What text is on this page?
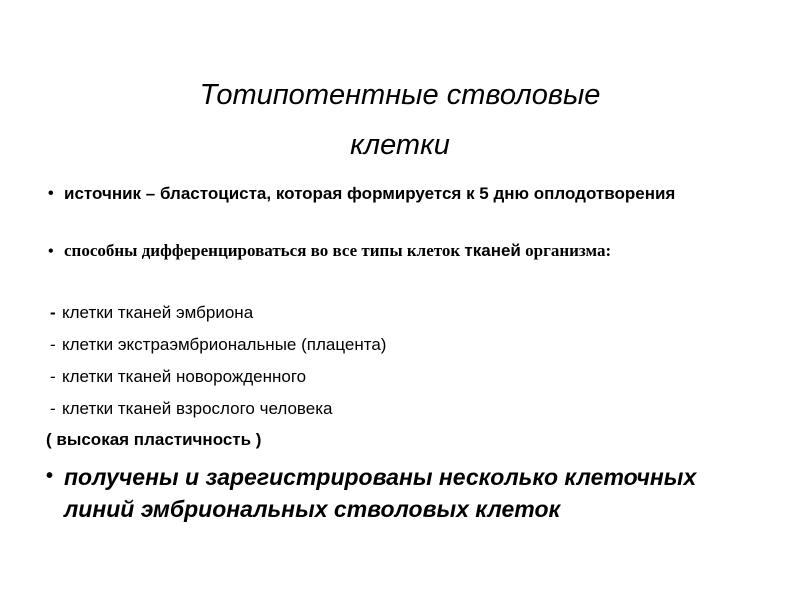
Тотипотентные стволовые
клетки
• источник – бластоциста, которая формируется к 5 дню оплодотворения
• способны дифференцироваться во все типы клеток тканей организма:
- клетки тканей эмбриона
- клетки экстраэмбриональные (плацента)
- клетки тканей новорожденного
- клетки тканей взрослого человека
( высокая пластичность )
• получены и зарегистрированы несколько клеточных линий эмбриональных стволовых клеток
